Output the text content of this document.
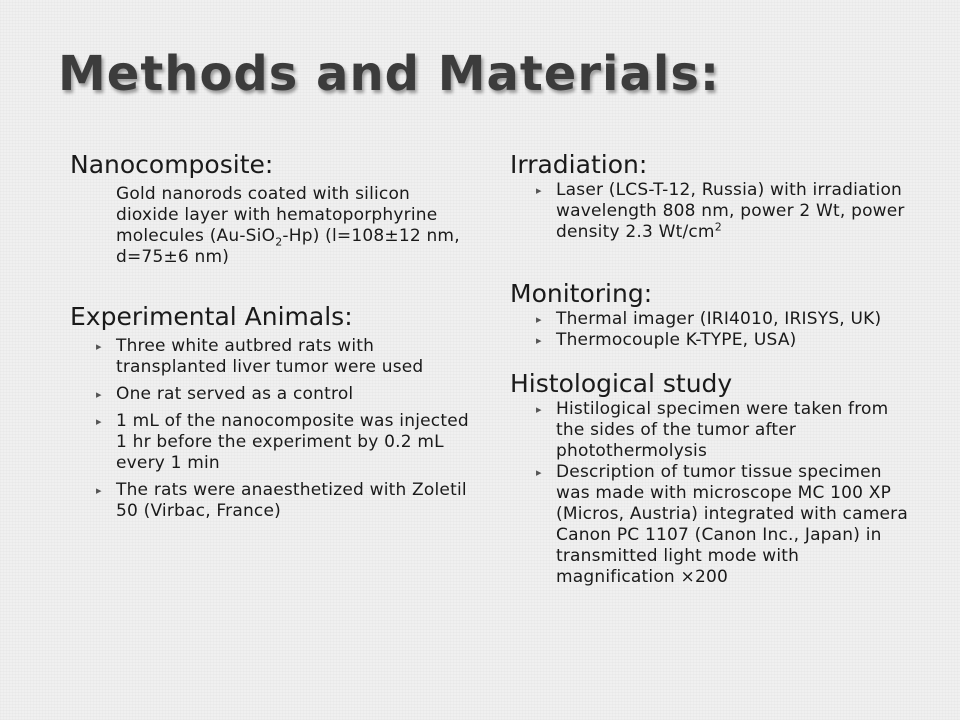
Methods and Materials:
Nanocomposite:

Gold nanorods coated with silicon dioxide layer with hematoporphyrine molecules (Au-SiO$_2$-Hp) (l=108±12 nm, d=75±6 nm)

Experimental Animals:
▸ Three white autbred rats with transplanted liver tumor were used
▸ One rat served as a control
▸ 1 mL of the nanocomposite was injected 1 hr before the experiment by 0.2 mL every 1 min
▸ The rats were anaesthetized with Zoletil 50 (Virbac, France)
Irradiation:
▸ Laser (LCS-T-12, Russia) with irradiation wavelength 808 nm, power 2 Wt, power density 2.3 $Wt/cm^2$
Monitoring:
▸ Thermal imager (IRI4010, IRISYS, UK)
▸ Thermocouple K-TYPE, USA)
Histological study
▸ Histilogical specimen were taken from the sides of the tumor after photothermolysis
▸ Description of tumor tissue specimen was made with microscope MC 100 XP (Micros, Austria) integrated with camera Canon PC 1107 (Canon Inc., Japan) in transmitted light mode with magnification ×200
